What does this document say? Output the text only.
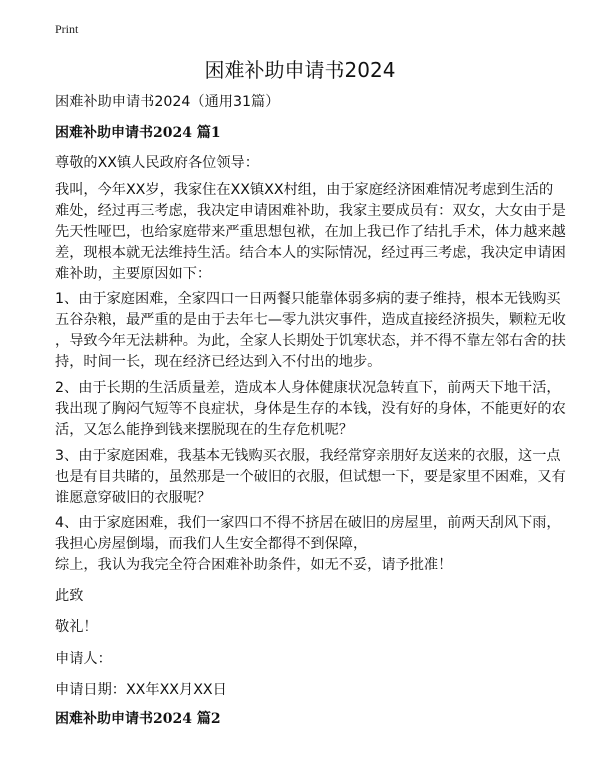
Print
困难补助申请书2024
困难补助申请书2024（通用31篇）
困难补助申请书2024 篇1
尊敬的XX镇人民政府各位领导：
我叫，今年XX岁，我家住在XX镇XX村组，由于家庭经济困难情况考虑到生活的
难处，经过再三考虑，我决定申请困难补助，我家主要成员有：双女，大女由于是
先天性哑巴，也给家庭带来严重思想包袱，在加上我已作了结扎手术，体力越来越
差，现根本就无法维持生活。结合本人的实际情况，经过再三考虑，我决定申请困
难补助，主要原因如下：
1、由于家庭困难，全家四口一日两餐只能靠体弱多病的妻子维持，根本无钱购买
五谷杂粮，最严重的是由于去年七—零九洪灾事件，造成直接经济损失，颗粒无收
，导致今年无法耕种。为此，全家人长期处于饥寒状态，并不得不靠左邻右舍的扶
持，时间一长，现在经济已经达到入不付出的地步。
2、由于长期的生活质量差，造成本人身体健康状况急转直下，前两天下地干活，
我出现了胸闷气短等不良症状，身体是生存的本钱，没有好的身体，不能更好的农
活，又怎么能挣到钱来摆脱现在的生存危机呢？
3、由于家庭困难，我基本无钱购买衣服，我经常穿亲朋好友送来的衣服，这一点
也是有目共睹的，虽然那是一个破旧的衣服，但试想一下，要是家里不困难，又有
谁愿意穿破旧的衣服呢？
4、由于家庭困难，我们一家四口不得不挤居在破旧的房屋里，前两天刮风下雨，
我担心房屋倒塌，而我们人生安全都得不到保障，
综上，我认为我完全符合困难补助条件，如无不妥，请予批准！
此致
敬礼！
申请人：
申请日期：XX年XX月XX日
困难补助申请书2024 篇2
